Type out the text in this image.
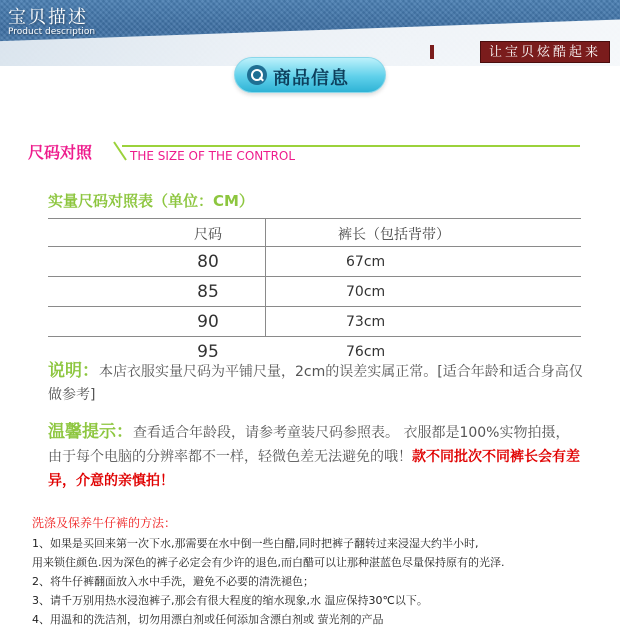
宝贝描述
Product description
让宝贝炫酷起来
商品信息
尺码对照	THE SIZE OF THE CONTROL
实量尺码对照表（单位：CM）
尺码	裤长（包括背带）
80	67cm
85	70cm
90	73cm
95	76cm
说明：本店衣服实量尺码为平铺尺量，2cm的误差实属正常。[适合年龄和适合身高仅做参考]
温馨提示：查看适合年龄段，请参考童装尺码参照表。 衣服都是100%实物拍摄，由于每个电脑的分辨率都不一样，轻微色差无法避免的哦！款不同批次不同裤长会有差异，介意的亲慎拍！
洗涤及保养牛仔裤的方法：
1、如果是买回来第一次下水,那需要在水中倒一些白醋,同时把裤子翻转过来浸湿大约半小时,
用来锁住颜色.因为深色的裤子必定会有少许的退色,而白醋可以让那种湛蓝色尽量保持原有的光泽.
2、将牛仔裤翻面放入水中手洗，避免不必要的清洗褪色；
3、请千万别用热水浸泡裤子,那会有很大程度的缩水现象,水 温应保持30℃以下。
4、用温和的洗洁剂，切勿用漂白剂或任何添加含漂白剂或 萤光剂的产品
